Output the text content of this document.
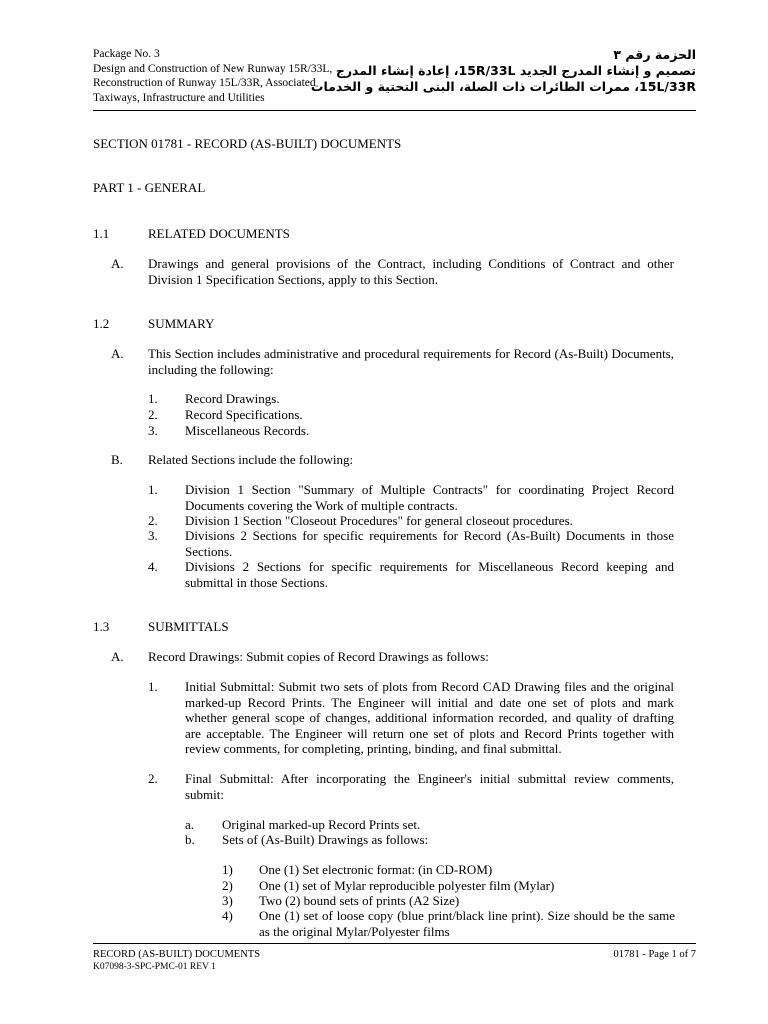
Package No. 3
Design and Construction of New Runway 15R/33L,
Reconstruction of Runway 15L/33R, Associated
Taxiways, Infrastructure and Utilities
الحزمة رقم ٣
تصميم و إنشاء المدرج الجديد 15R/33L، إعادة إنشاء المدرج
15L/33R، ممرات الطائرات ذات الصلة، البنى التحتية و الخدمات
SECTION 01781 - RECORD (AS-BUILT) DOCUMENTS
PART 1 - GENERAL
1.1	RELATED DOCUMENTS
A. Drawings and general provisions of the Contract, including Conditions of Contract and other Division 1 Specification Sections, apply to this Section.
1.2	SUMMARY
A. This Section includes administrative and procedural requirements for Record (As-Built) Documents, including the following:
1. Record Drawings.
2. Record Specifications.
3. Miscellaneous Records.
B. Related Sections include the following:
1. Division 1 Section "Summary of Multiple Contracts" for coordinating Project Record Documents covering the Work of multiple contracts.
2. Division 1 Section "Closeout Procedures" for general closeout procedures.
3. Divisions 2 Sections for specific requirements for Record (As-Built) Documents in those Sections.
4. Divisions 2 Sections for specific requirements for Miscellaneous Record keeping and submittal in those Sections.
1.3	SUBMITTALS
A. Record Drawings: Submit copies of Record Drawings as follows:
1. Initial Submittal: Submit two sets of plots from Record CAD Drawing files and the original marked-up Record Prints. The Engineer will initial and date one set of plots and mark whether general scope of changes, additional information recorded, and quality of drafting are acceptable. The Engineer will return one set of plots and Record Prints together with review comments, for completing, printing, binding, and final submittal.
2. Final Submittal: After incorporating the Engineer's initial submittal review comments, submit:
a. Original marked-up Record Prints set.
b. Sets of (As-Built) Drawings as follows:
1) One (1) Set electronic format: (in CD-ROM)
2) One (1) set of Mylar reproducible polyester film (Mylar)
3) Two (2) bound sets of prints (A2 Size)
4) One (1) set of loose copy (blue print/black line print). Size should be the same as the original Mylar/Polyester films
RECORD (AS-BUILT) DOCUMENTS
K07098-3-SPC-PMC-01 REV 1
01781 - Page 1 of 7
